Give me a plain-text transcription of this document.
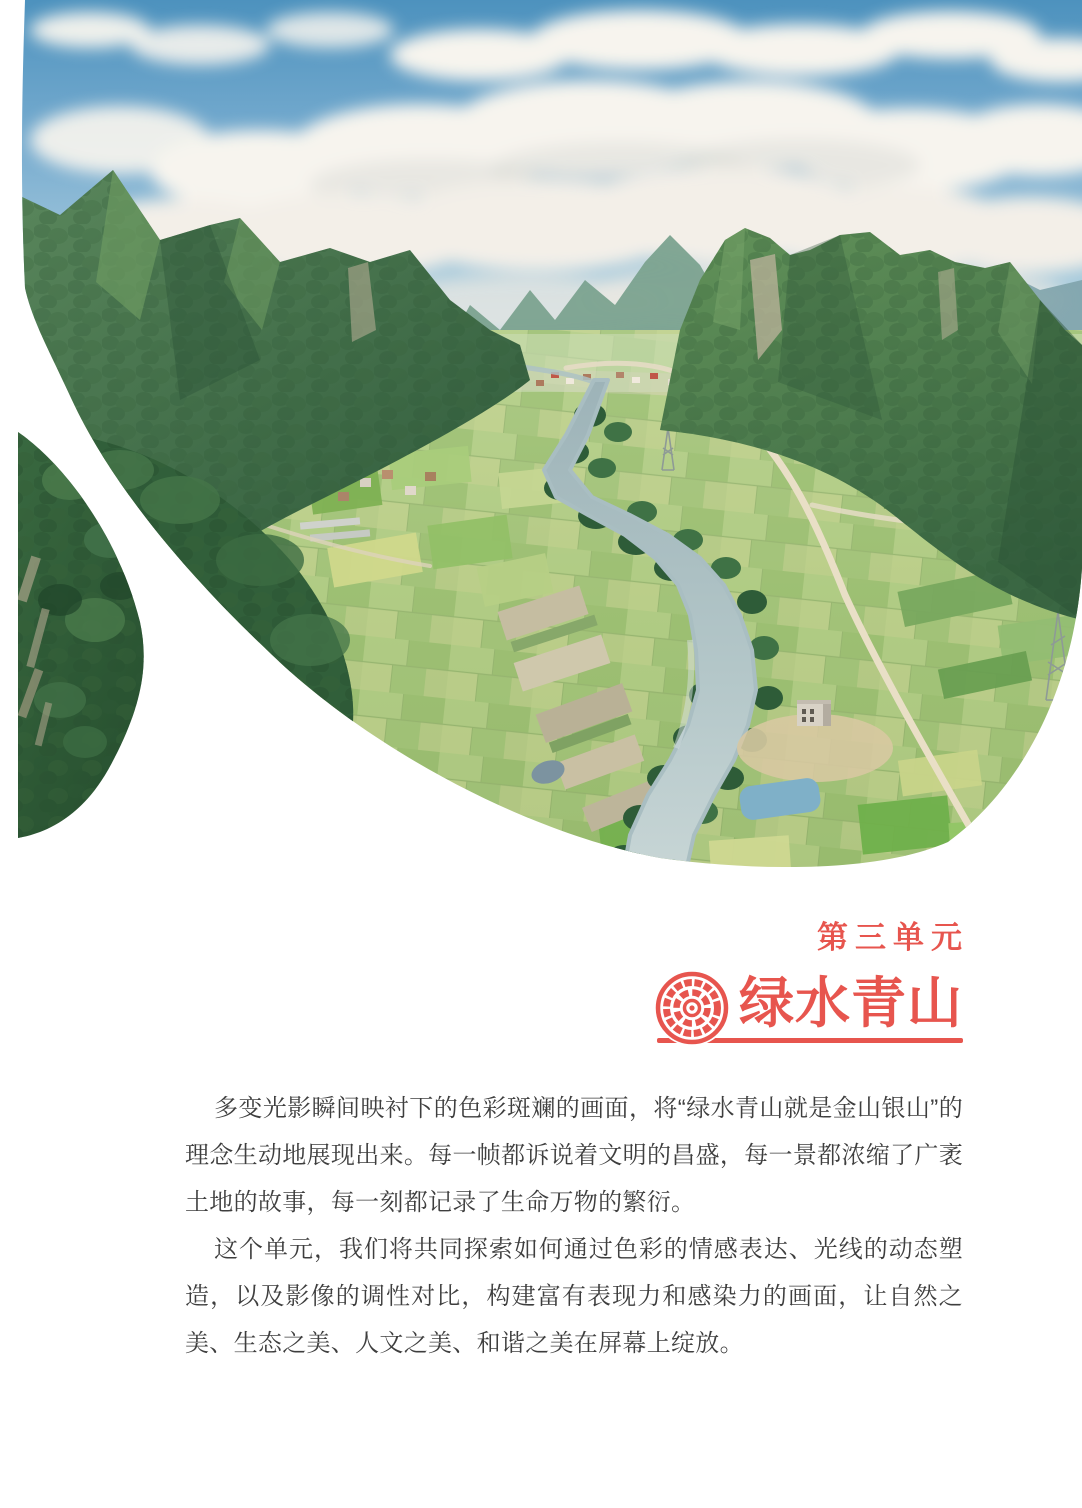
第三单元
绿水青山

多变光影瞬间映衬下的色彩斑斓的画面，将“绿水青山就是金山银山”的理念生动地展现出来。每一帧都诉说着文明的昌盛，每一景都浓缩了广袤土地的故事，每一刻都记录了生命万物的繁衍。

这个单元，我们将共同探索如何通过色彩的情感表达、光线的动态塑造，以及影像的调性对比，构建富有表现力和感染力的画面，让自然之美、生态之美、人文之美、和谐之美在屏幕上绽放。
